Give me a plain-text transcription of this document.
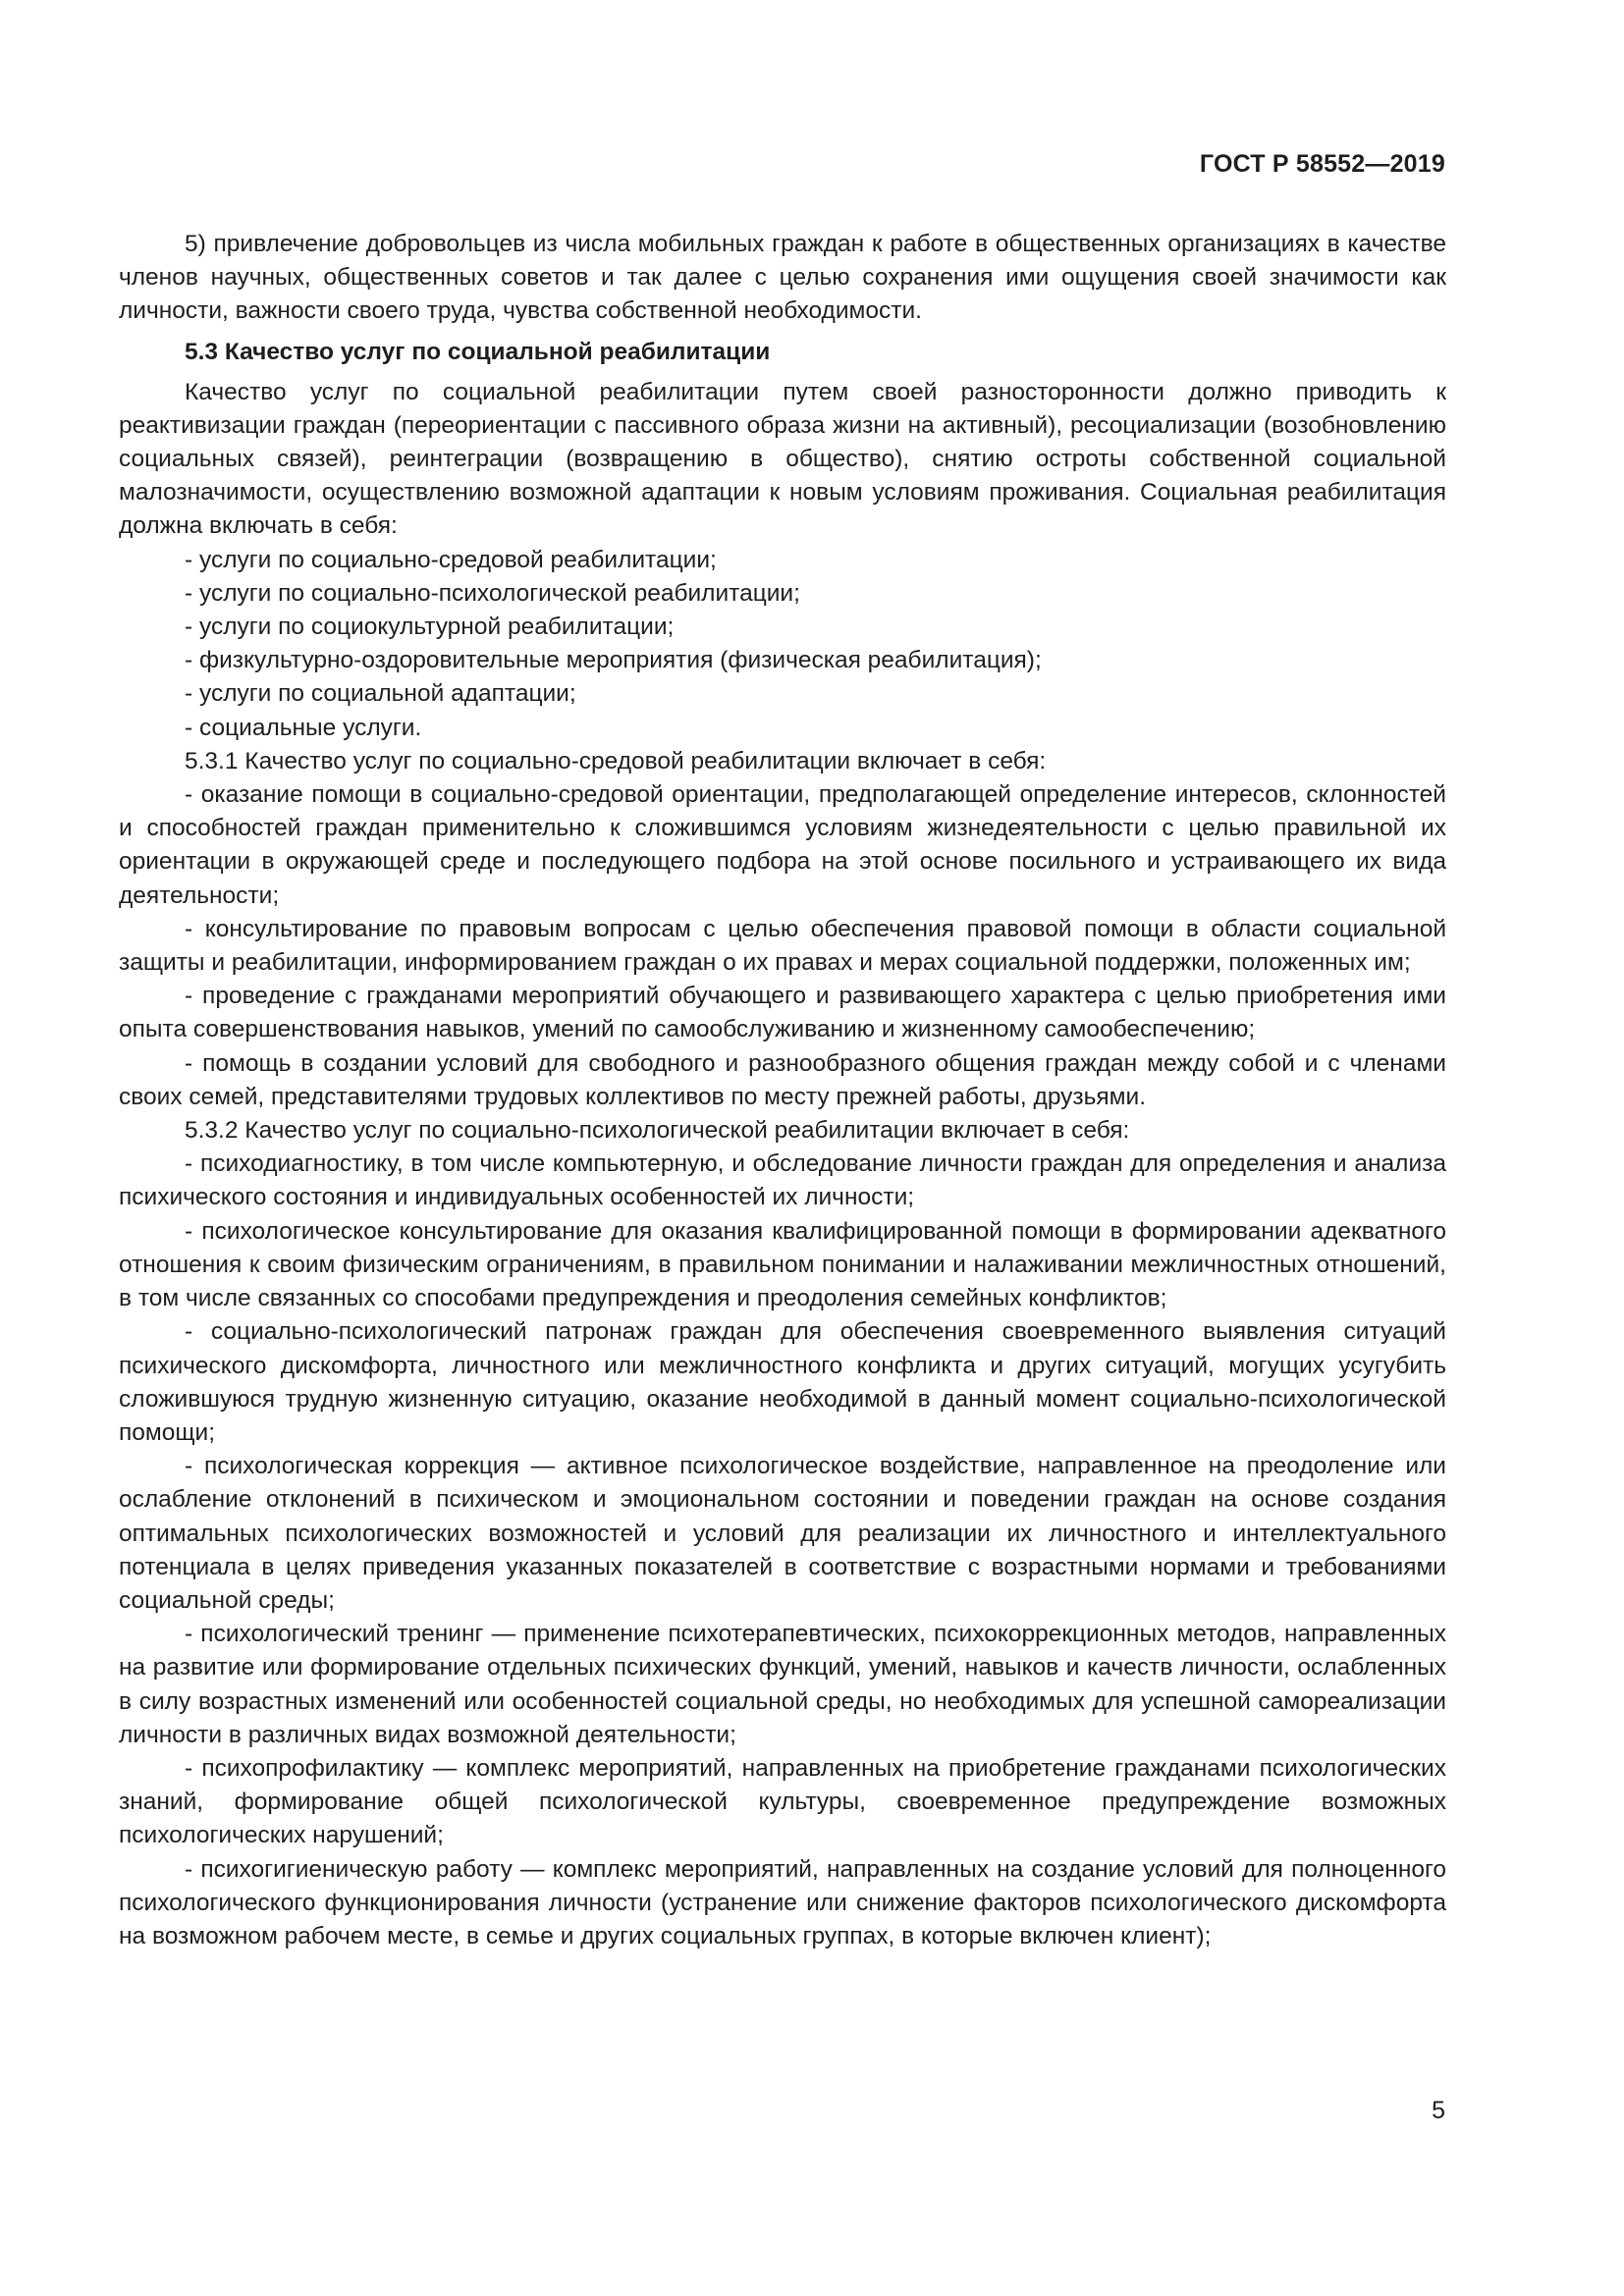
ГОСТ Р 58552—2019

5) привлечение добровольцев из числа мобильных граждан к работе в общественных организациях в качестве членов научных, общественных советов и так далее с целью сохранения ими ощущения своей значимости как личности, важности своего труда, чувства собственной необходимости.

5.3 Качество услуг по социальной реабилитации

Качество услуг по социальной реабилитации путем своей разносторонности должно приводить к реактивизации граждан (переориентации с пассивного образа жизни на активный), ресоциализации (возобновлению социальных связей), реинтеграции (возвращению в общество), снятию остроты собственной социальной малозначимости, осуществлению возможной адаптации к новым условиям проживания. Социальная реабилитация должна включать в себя:

- услуги по социально-средовой реабилитации;

- услуги по социально-психологической реабилитации;

- услуги по социокультурной реабилитации;

- физкультурно-оздоровительные мероприятия (физическая реабилитация);

- услуги по социальной адаптации;

- социальные услуги.

5.3.1 Качество услуг по социально-средовой реабилитации включает в себя:

- оказание помощи в социально-средовой ориентации, предполагающей определение интересов, склонностей и способностей граждан применительно к сложившимся условиям жизнедеятельности с целью правильной их ориентации в окружающей среде и последующего подбора на этой основе посильного и устраивающего их вида деятельности;

- консультирование по правовым вопросам с целью обеспечения правовой помощи в области социальной защиты и реабилитации, информированием граждан о их правах и мерах социальной поддержки, положенных им;

- проведение с гражданами мероприятий обучающего и развивающего характера с целью приобретения ими опыта совершенствования навыков, умений по самообслуживанию и жизненному самообеспечению;

- помощь в создании условий для свободного и разнообразного общения граждан между собой и с членами своих семей, представителями трудовых коллективов по месту прежней работы, друзьями.

5.3.2 Качество услуг по социально-психологической реабилитации включает в себя:

- психодиагностику, в том числе компьютерную, и обследование личности граждан для определения и анализа психического состояния и индивидуальных особенностей их личности;

- психологическое консультирование для оказания квалифицированной помощи в формировании адекватного отношения к своим физическим ограничениям, в правильном понимании и налаживании межличностных отношений, в том числе связанных со способами предупреждения и преодоления семейных конфликтов;

- социально-психологический патронаж граждан для обеспечения своевременного выявления ситуаций психического дискомфорта, личностного или межличностного конфликта и других ситуаций, могущих усугубить сложившуюся трудную жизненную ситуацию, оказание необходимой в данный момент социально-психологической помощи;

- психологическая коррекция — активное психологическое воздействие, направленное на преодоление или ослабление отклонений в психическом и эмоциональном состоянии и поведении граждан на основе создания оптимальных психологических возможностей и условий для реализации их личностного и интеллектуального потенциала в целях приведения указанных показателей в соответствие с возрастными нормами и требованиями социальной среды;

- психологический тренинг — применение психотерапевтических, психокоррекционных методов, направленных на развитие или формирование отдельных психических функций, умений, навыков и качеств личности, ослабленных в силу возрастных изменений или особенностей социальной среды, но необходимых для успешной самореализации личности в различных видах возможной деятельности;

- психопрофилактику — комплекс мероприятий, направленных на приобретение гражданами психологических знаний, формирование общей психологической культуры, своевременное предупреждение возможных психологических нарушений;

- психогигиеническую работу — комплекс мероприятий, направленных на создание условий для полноценного психологического функционирования личности (устранение или снижение факторов психологического дискомфорта на возможном рабочем месте, в семье и других социальных группах, в которые включен клиент);

5
